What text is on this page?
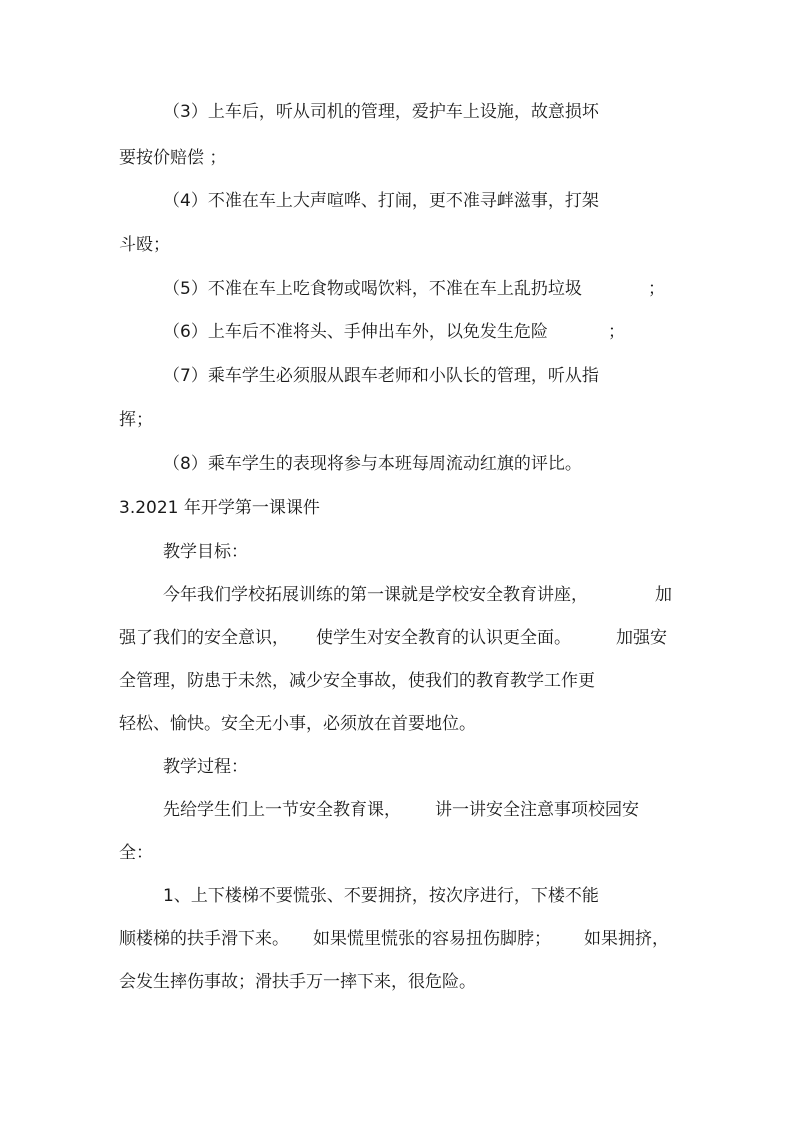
（3）上车后，听从司机的管理，爱护车上设施，故意损坏
要按价赔偿 ；
（4）不准在车上大声喧哗、打闹，更不准寻衅滋事，打架
斗殴；
（5）不准在车上吃食物或喝饮料，不准在车上乱扔垃圾	；
（6）上车后不准将头、手伸出车外，以免发生危险	；
（7）乘车学生必须服从跟车老师和小队长的管理，听从指
挥；
（8）乘车学生的表现将参与本班每周流动红旗的评比。
3.2021 年开学第一课课件
教学目标：
今年我们学校拓展训练的第一课就是学校安全教育讲座，	加
强了我们的安全意识， 使学生对安全教育的认识更全面。	加强安
全管理，防患于未然，减少安全事故，使我们的教育教学工作更
轻松、愉快。安全无小事，必须放在首要地位。
教学过程：
先给学生们上一节安全教育课， 讲一讲安全注意事项校园安
全：
1、上下楼梯不要慌张、不要拥挤，按次序进行，下楼不能
顺楼梯的扶手滑下来。 如果慌里慌张的容易扭伤脚脖； 如果拥挤，
会发生摔伤事故；滑扶手万一摔下来，很危险。
